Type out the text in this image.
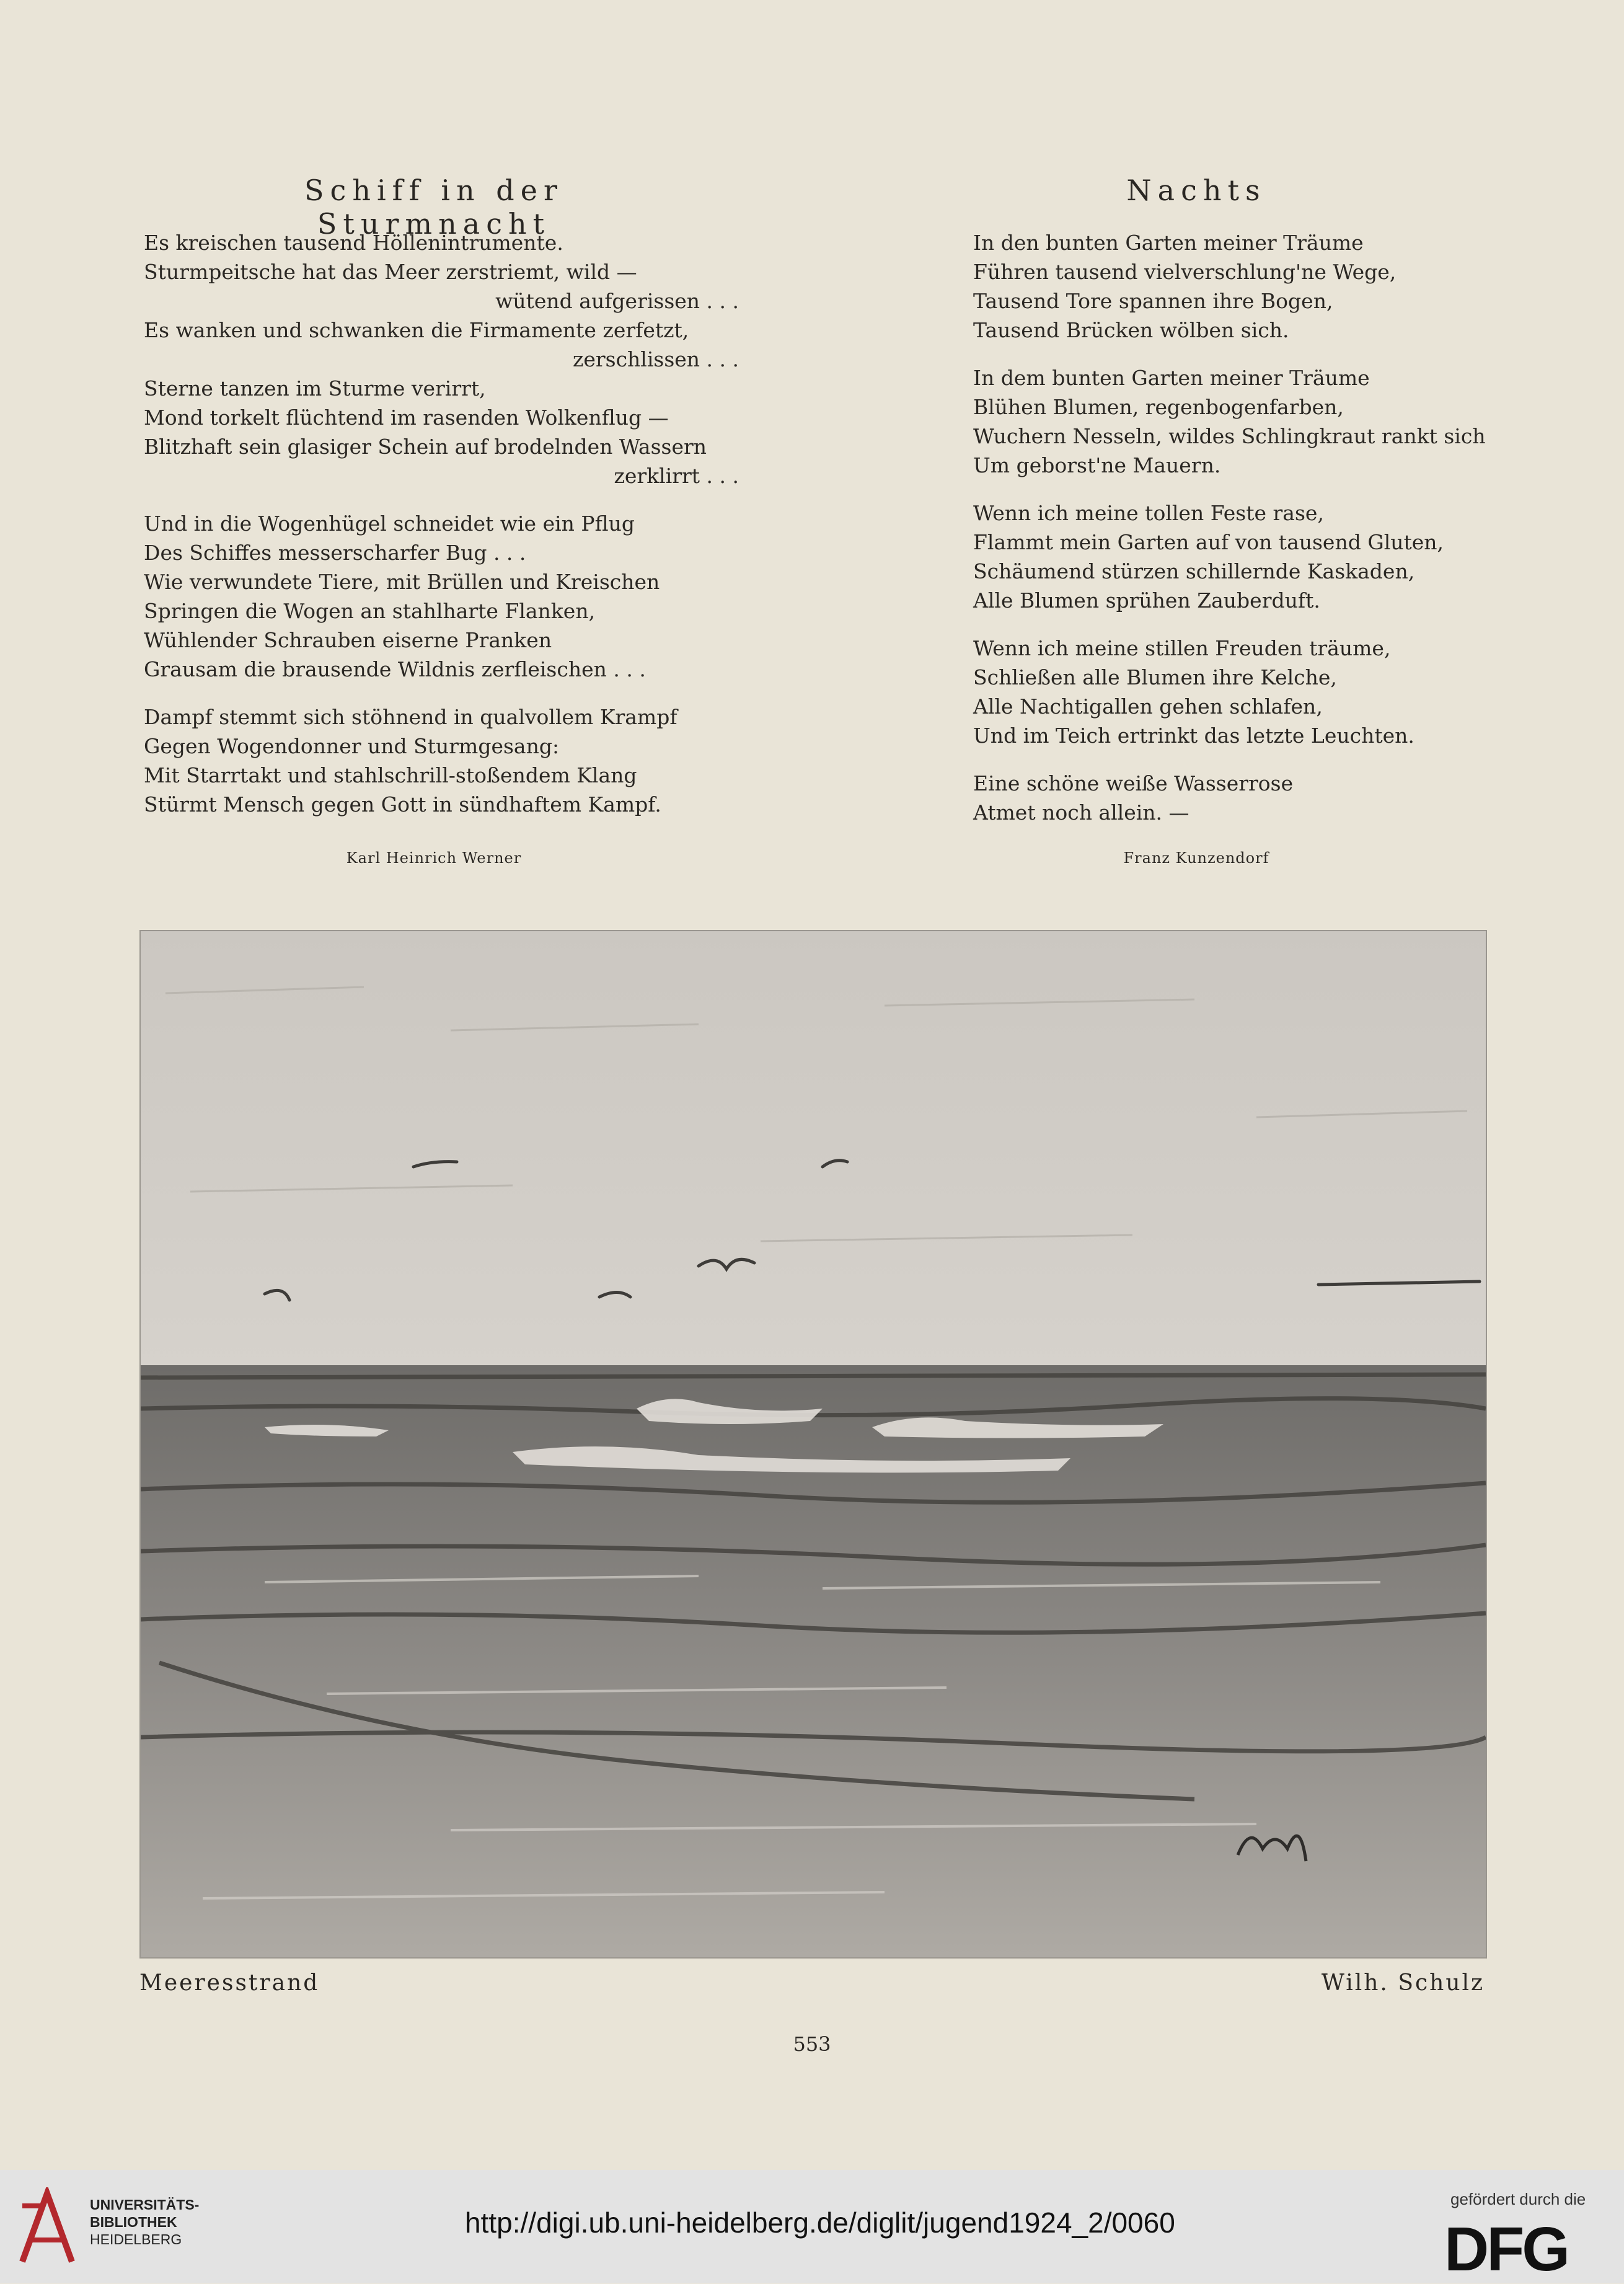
Schiff in der Sturmnacht
Es kreischen tausend Höllenintrumente.
Sturmpeitsche hat das Meer zerstriemt, wild —
wütend aufgerissen . . .
Es wanken und schwanken die Firmamente zerfetzt,
zerschlissen . . .
Sterne tanzen im Sturme verirrt,
Mond torkelt flüchtend im rasenden Wolkenflug —
Blitzhaft sein glasiger Schein auf brodelnden Wassern
zerklirrt . . .
Und in die Wogenhügel schneidet wie ein Pflug
Des Schiffes messerscharfer Bug . . .
Wie verwundete Tiere, mit Brüllen und Kreischen
Springen die Wogen an stahlharte Flanken,
Wühlender Schrauben eiserne Pranken
Grausam die brausende Wildnis zerfleischen . . .
Dampf stemmt sich stöhnend in qualvollem Krampf
Gegen Wogendonner und Sturmgesang:
Mit Starrtakt und stahlschrill-stoßendem Klang
Stürmt Mensch gegen Gott in sündhaftem Kampf.

Karl Heinrich Werner

Nachts
In den bunten Garten meiner Träume
Führen tausend vielverschlung'ne Wege,
Tausend Tore spannen ihre Bogen,
Tausend Brücken wölben sich.
In dem bunten Garten meiner Träume
Blühen Blumen, regenbogenfarben,
Wuchern Nesseln, wildes Schlingkraut rankt sich
Um geborst'ne Mauern.
Wenn ich meine tollen Feste rase,
Flammt mein Garten auf von tausend Gluten,
Schäumend stürzen schillernde Kaskaden,
Alle Blumen sprühen Zauberduft.
Wenn ich meine stillen Freuden träume,
Schließen alle Blumen ihre Kelche,
Alle Nachtigallen gehen schlafen,
Und im Teich ertrinkt das letzte Leuchten.
Eine schöne weiße Wasserrose
Atmet noch allein. —

Franz Kunzendorf

Meeresstrand	Wilh. Schulz

553

UNIVERSITÄTS-
BIBLIOTHEK
HEIDELBERG
http://digi.ub.uni-heidelberg.de/diglit/jugend1924_2/0060
gefördert durch die
DFG
